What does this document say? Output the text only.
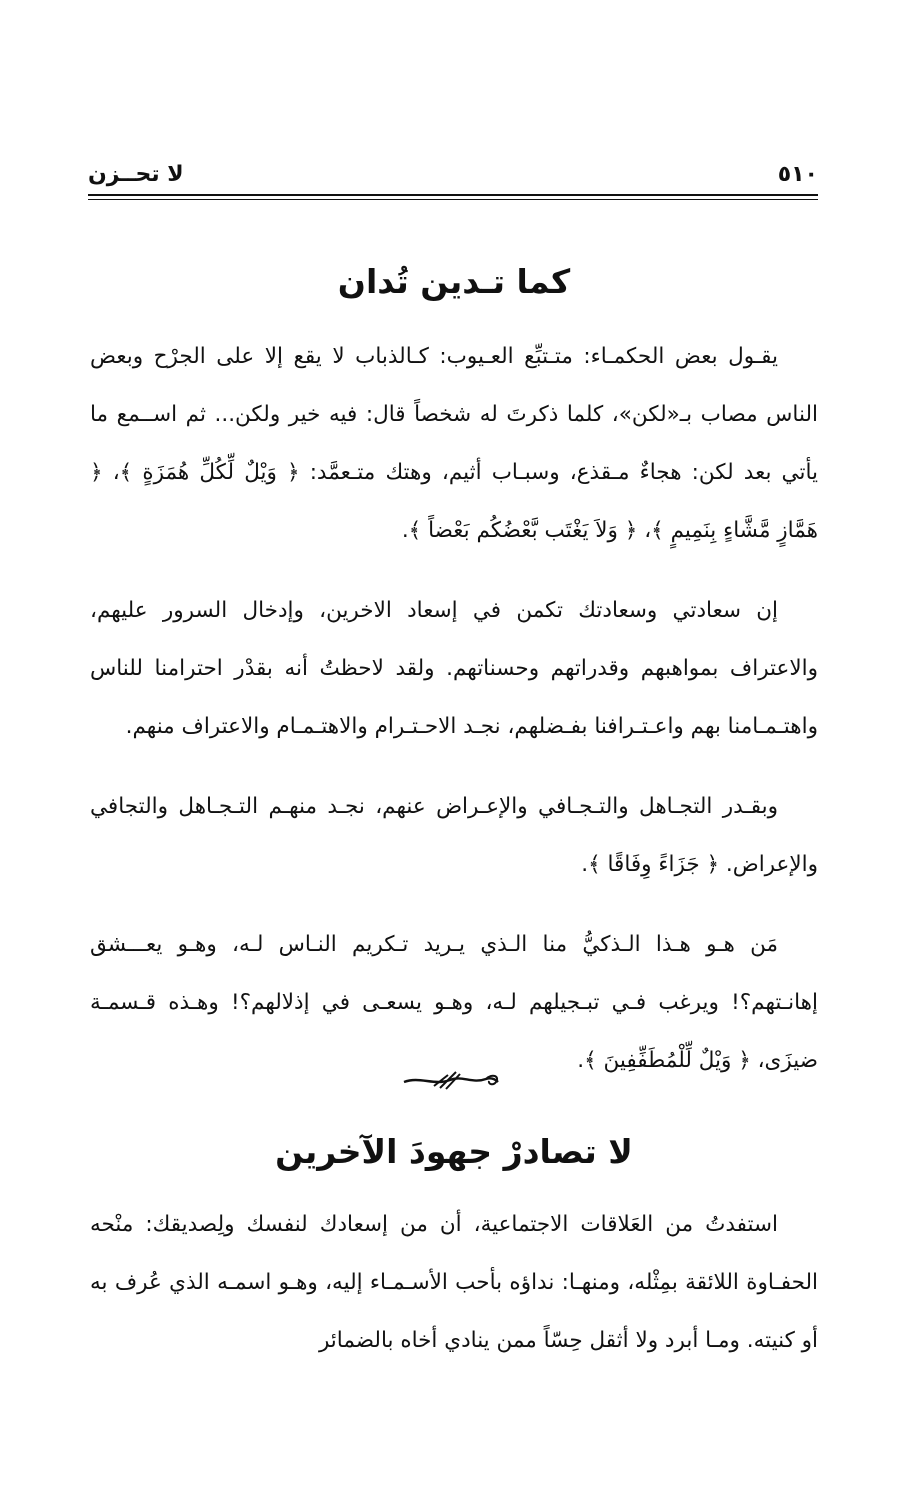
٥١٠
لا تحــزن
كما تـدين تُدان

يقـول بعض الحكمـاء: متـتبِّع العـيوب: كـالذباب لا يقع إلا على الجرْح وبعض الناس مصاب بـ«لكن»، كلما ذكرتَ له شخصاً قال: فيه خير ولكن... ثم اســمع ما يأتي بعد لكن: هجاءٌ مـقذع، وسبـاب أثيم، وهتك متـعمَّد: ﴿ وَيْلٌ لِّكُلِّ هُمَزَةٍ ﴾، ﴿ هَمَّازٍ مَّشَّاءٍ بِنَمِيمٍ ﴾، ﴿ وَلاَ يَغْتَب بَّعْضُكُم بَعْضاً ﴾.

إن سعادتي وسعادتك تكمن في إسعاد الاخرين، وإدخال السرور عليهم، والاعتراف بمواهبهم وقدراتهم وحسناتهم. ولقد لاحظتُ أنه بقدْر احترامنا للناس واهتـمـامنا بهم واعـتـرافنا بفـضلهم، نجـد الاحـتـرام والاهتـمـام والاعتراف منهم.

وبقـدر التجـاهل والتـجـافي والإعـراض عنهم، نجـد منهـم التـجـاهل والتجافي والإعراض. ﴿ جَزَاءً وِفَاقًا ﴾.

مَن هـو هـذا الـذكيُّ منا الـذي يـريد تـكريم النـاس لـه، وهـو يعـــشق إهانـتهم؟! ويرغب فـي تبـجيلهم لـه، وهـو يسعـى في إذلالهم؟! وهـذه قـسمـة ضيزَى، ﴿ وَيْلٌ لِّلْمُطَفِّفِينَ ﴾.

لا تصادرْ جهودَ الآخرين

استفدتُ من العَلاقات الاجتماعية، أن من إسعادك لنفسك ولِصديقك: منْحه الحفـاوة اللائقة بمِثْله، ومنهـا: نداؤه بأحب الأسـمـاء إليه، وهـو اسمـه الذي عُرف به أو كنيته. ومـا أبرد ولا أثقل حِسّاً ممن ينادي أخاه بالضمائر
